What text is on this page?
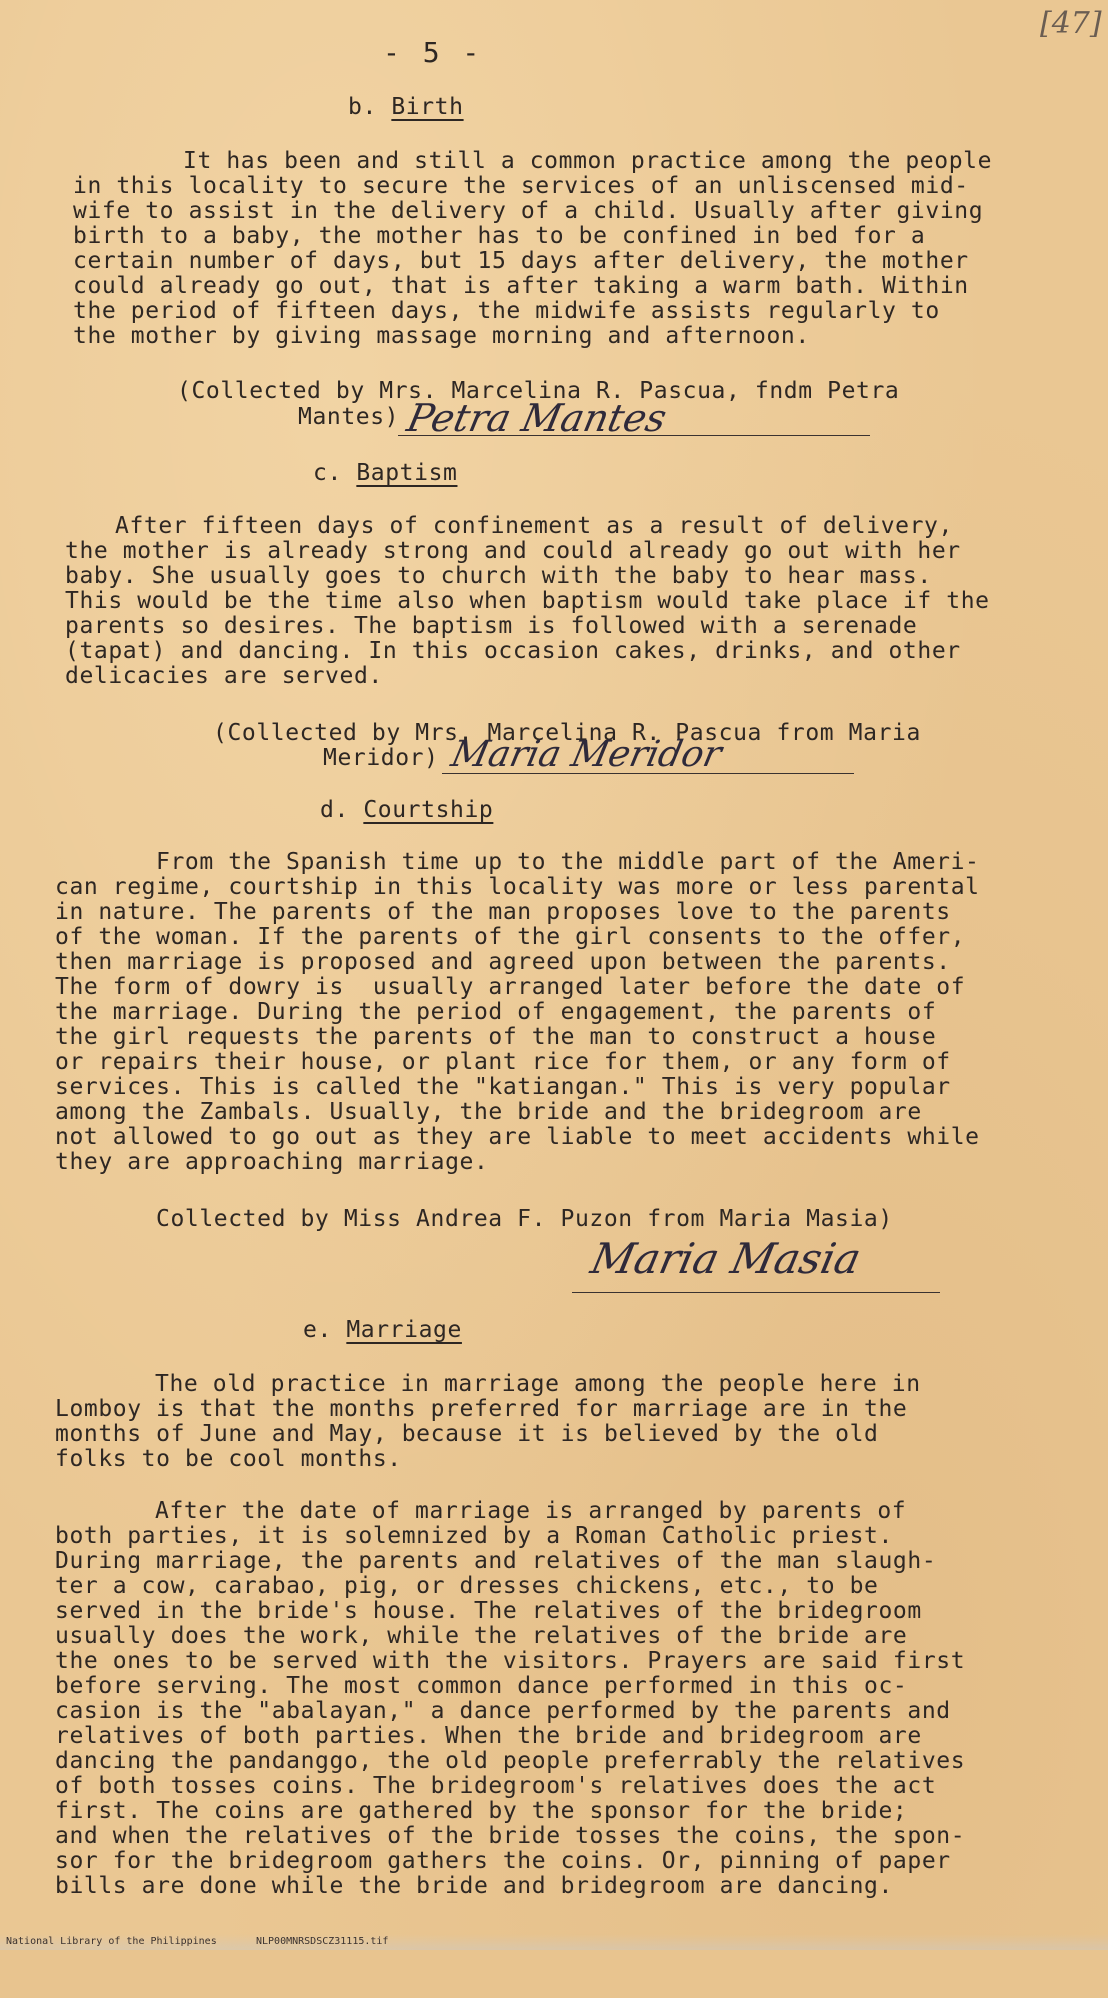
[47]
- 5 -
b. Birth
It has been and still a common practice among the people
in this locality to secure the services of an unliscensed mid-
wife to assist in the delivery of a child. Usually after giving
birth to a baby, the mother has to be confined in bed for a
certain number of days, but 15 days after delivery, the mother
could already go out, that is after taking a warm bath. Within
the period of fifteen days, the midwife assists regularly to
the mother by giving massage morning and afternoon.
(Collected by Mrs. Marcelina R. Pascua, fndm Petra
Mantes) Petra Mantes
c. Baptism
After fifteen days of confinement as a result of delivery,
the mother is already strong and could already go out with her
baby. She usually goes to church with the baby to hear mass.
This would be the time also when baptism would take place if the
parents so desires. The baptism is followed with a serenade
(tapat) and dancing. In this occasion cakes, drinks, and other
delicacies are served.
(Collected by Mrs. Marcelina R. Pascua from Maria
Meridor) Maria Meridor
d. Courtship
From the Spanish time up to the middle part of the Ameri-
can regime, courtship in this locality was more or less parental
in nature. The parents of the man proposes love to the parents
of the woman. If the parents of the girl consents to the offer,
then marriage is proposed and agreed upon between the parents.
The form of dowry is  usually arranged later before the date of
the marriage. During the period of engagement, the parents of
the girl requests the parents of the man to construct a house
or repairs their house, or plant rice for them, or any form of
services. This is called the "katiangan." This is very popular
among the Zambals. Usually, the bride and the bridegroom are
not allowed to go out as they are liable to meet accidents while
they are approaching marriage.
Collected by Miss Andrea F. Puzon from Maria Masia)
Maria Masia
e. Marriage
The old practice in marriage among the people here in
Lomboy is that the months preferred for marriage are in the
months of June and May, because it is believed by the old
folks to be cool months.
After the date of marriage is arranged by parents of
both parties, it is solemnized by a Roman Catholic priest.
During marriage, the parents and relatives of the man slaugh-
ter a cow, carabao, pig, or dresses chickens, etc., to be
served in the bride's house. The relatives of the bridegroom
usually does the work, while the relatives of the bride are
the ones to be served with the visitors. Prayers are said first
before serving. The most common dance performed in this oc-
casion is the "abalayan," a dance performed by the parents and
relatives of both parties. When the bride and bridegroom are
dancing the pandanggo, the old people preferrably the relatives
of both tosses coins. The bridegroom's relatives does the act
first. The coins are gathered by the sponsor for the bride;
and when the relatives of the bride tosses the coins, the spon-
sor for the bridegroom gathers the coins. Or, pinning of paper
bills are done while the bride and bridegroom are dancing.

National Library of the Philippines

	NLP00MNRSDSCZ31115.tif
